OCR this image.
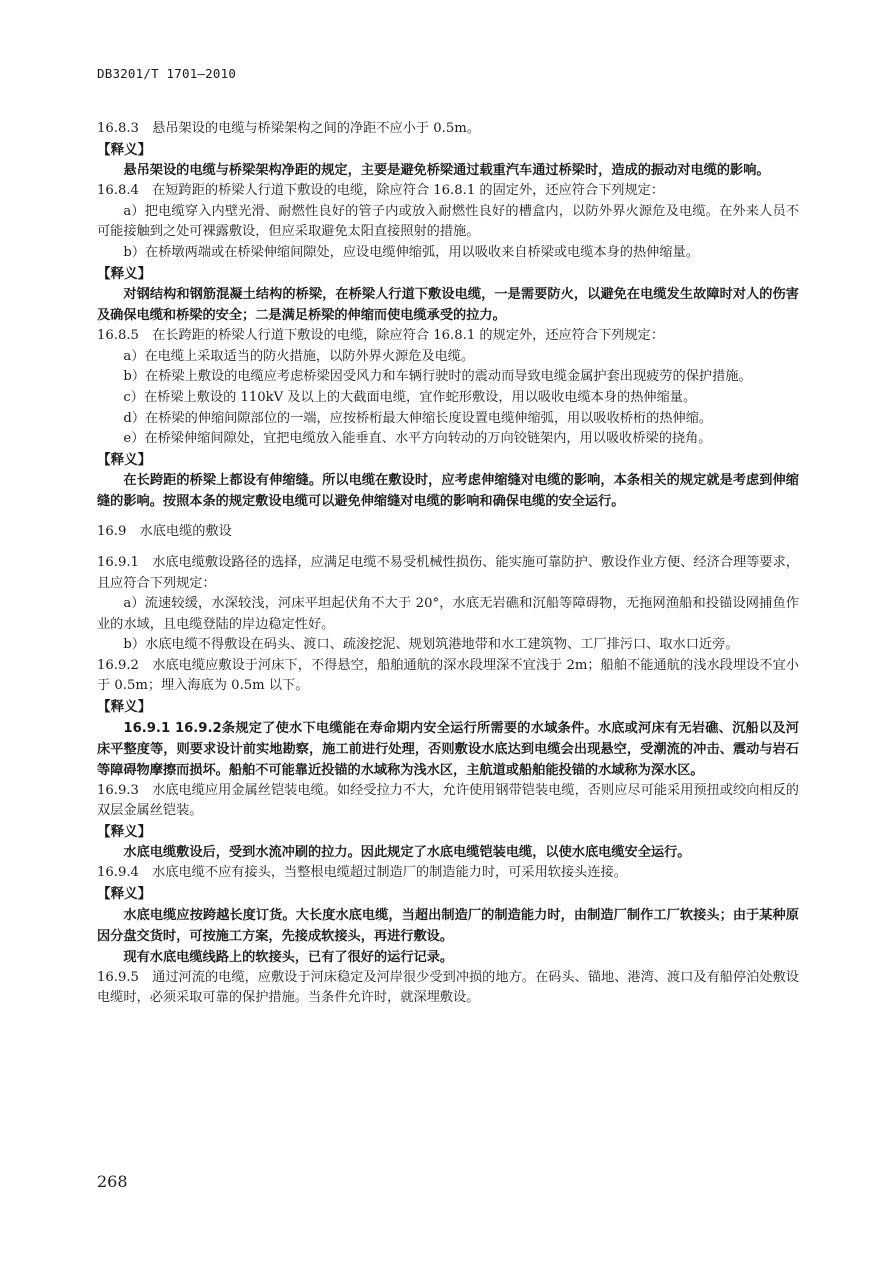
DB3201/T 1701—2010
16.8.3　悬吊架设的电缆与桥梁架构之间的净距不应小于 0.5m。
【释义】
悬吊架设的电缆与桥梁架构净距的规定，主要是避免桥梁通过载重汽车通过桥梁时，造成的振动对电缆的影响。
16.8.4　在短跨距的桥梁人行道下敷设的电缆，除应符合 16.8.1 的固定外，还应符合下列规定：
a）把电缆穿入内壁光滑、耐燃性良好的管子内或放入耐燃性良好的槽盒内，以防外界火源危及电缆。在外来人员不可能接触到之处可裸露敷设，但应采取避免太阳直接照射的措施。
b）在桥墩两端或在桥梁伸缩间隙处，应设电缆伸缩弧，用以吸收来自桥梁或电缆本身的热伸缩量。
【释义】
对钢结构和钢筋混凝土结构的桥梁，在桥梁人行道下敷设电缆，一是需要防火，以避免在电缆发生故障时对人的伤害及确保电缆和桥梁的安全；二是满足桥梁的伸缩而使电缆承受的拉力。
16.8.5　在长跨距的桥梁人行道下敷设的电缆，除应符合 16.8.1 的规定外，还应符合下列规定：
a）在电缆上采取适当的防火措施，以防外界火源危及电缆。
b）在桥梁上敷设的电缆应考虑桥梁因受风力和车辆行驶时的震动而导致电缆金属护套出现疲劳的保护措施。
c）在桥梁上敷设的 110kV 及以上的大截面电缆，宜作蛇形敷设，用以吸收电缆本身的热伸缩量。
d）在桥梁的伸缩间隙部位的一端，应按桥桁最大伸缩长度设置电缆伸缩弧，用以吸收桥桁的热伸缩。
e）在桥梁伸缩间隙处，宜把电缆放入能垂直、水平方向转动的万向铰链架内，用以吸收桥梁的挠角。
【释义】
在长跨距的桥梁上都设有伸缩缝。所以电缆在敷设时，应考虑伸缩缝对电缆的影响，本条相关的规定就是考虑到伸缩缝的影响。按照本条的规定敷设电缆可以避免伸缩缝对电缆的影响和确保电缆的安全运行。
16.9　水底电缆的敷设
16.9.1　水底电缆敷设路径的选择，应满足电缆不易受机械性损伤、能实施可靠防护、敷设作业方便、经济合理等要求，且应符合下列规定：
a）流速较缓，水深较浅，河床平坦起伏角不大于 20°，水底无岩礁和沉船等障碍物，无拖网渔船和投锚设网捕鱼作业的水域，且电缆登陆的岸边稳定性好。
b）水底电缆不得敷设在码头、渡口、疏浚挖泥、规划筑港地带和水工建筑物、工厂排污口、取水口近旁。
16.9.2　水底电缆应敷设于河床下，不得悬空，船舶通航的深水段埋深不宜浅于 2m；船舶不能通航的浅水段埋设不宜小于 0.5m；埋入海底为 0.5m 以下。
【释义】
16.9.1 16.9.2条规定了使水下电缆能在寿命期内安全运行所需要的水域条件。水底或河床有无岩礁、沉船以及河床平整度等，则要求设计前实地勘察，施工前进行处理，否则敷设水底达到电缆会出现悬空，受潮流的冲击、震动与岩石等障碍物摩擦而损坏。船舶不可能靠近投锚的水域称为浅水区，主航道或船舶能投锚的水域称为深水区。
16.9.3　水底电缆应用金属丝铠装电缆。如经受拉力不大，允许使用钢带铠装电缆，否则应尽可能采用预扭或绞向相反的双层金属丝铠装。
【释义】
水底电缆敷设后，受到水流冲刷的拉力。因此规定了水底电缆铠装电缆，以使水底电缆安全运行。
16.9.4　水底电缆不应有接头，当整根电缆超过制造厂的制造能力时，可采用软接头连接。
【释义】
水底电缆应按跨越长度订货。大长度水底电缆，当超出制造厂的制造能力时，由制造厂制作工厂软接头；由于某种原因分盘交货时，可按施工方案，先接成软接头，再进行敷设。
现有水底电缆线路上的软接头，已有了很好的运行记录。
16.9.5　通过河流的电缆，应敷设于河床稳定及河岸很少受到冲损的地方。在码头、锚地、港湾、渡口及有船停泊处敷设电缆时，必须采取可靠的保护措施。当条件允许时，就深埋敷设。
268
